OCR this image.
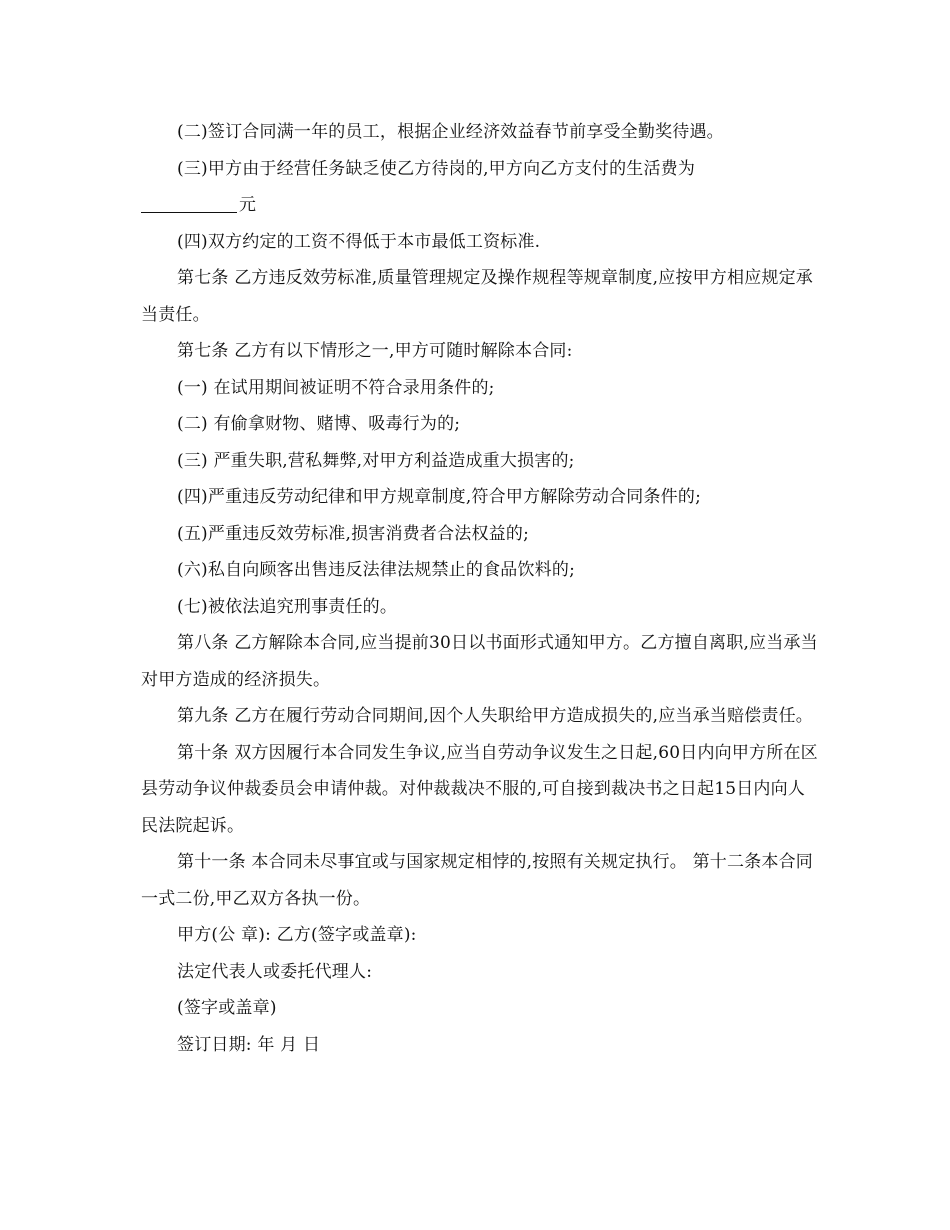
(二)签订合同满一年的员工，根据企业经济效益春节前享受全勤奖待遇。

(三)甲方由于经营任务缺乏使乙方待岗的,甲方向乙方支付的生活费为

元

(四)双方约定的工资不得低于本市最低工资标准.

第七条 乙方违反效劳标准,质量管理规定及操作规程等规章制度,应按甲方相应规定承当责任。

第七条 乙方有以下情形之一,甲方可随时解除本合同:

(一) 在试用期间被证明不符合录用条件的;

(二) 有偷拿财物、赌博、吸毒行为的;

(三) 严重失职,营私舞弊,对甲方利益造成重大损害的;

(四)严重违反劳动纪律和甲方规章制度,符合甲方解除劳动合同条件的;

(五)严重违反效劳标准,损害消费者合法权益的;

(六)私自向顾客出售违反法律法规禁止的食品饮料的;

(七)被依法追究刑事责任的。

第八条 乙方解除本合同,应当提前30日以书面形式通知甲方。乙方擅自离职,应当承当对甲方造成的经济损失。

第九条 乙方在履行劳动合同期间,因个人失职给甲方造成损失的,应当承当赔偿责任。

第十条 双方因履行本合同发生争议,应当自劳动争议发生之日起,60日内向甲方所在区县劳动争议仲裁委员会申请仲裁。对仲裁裁决不服的,可自接到裁决书之日起15日内向人民法院起诉。

第十一条 本合同未尽事宜或与国家规定相悖的,按照有关规定执行。 第十二条本合同一式二份,甲乙双方各执一份。

甲方(公 章): 乙方(签字或盖章):

法定代表人或委托代理人:

(签字或盖章)

签订日期: 年 月 日
